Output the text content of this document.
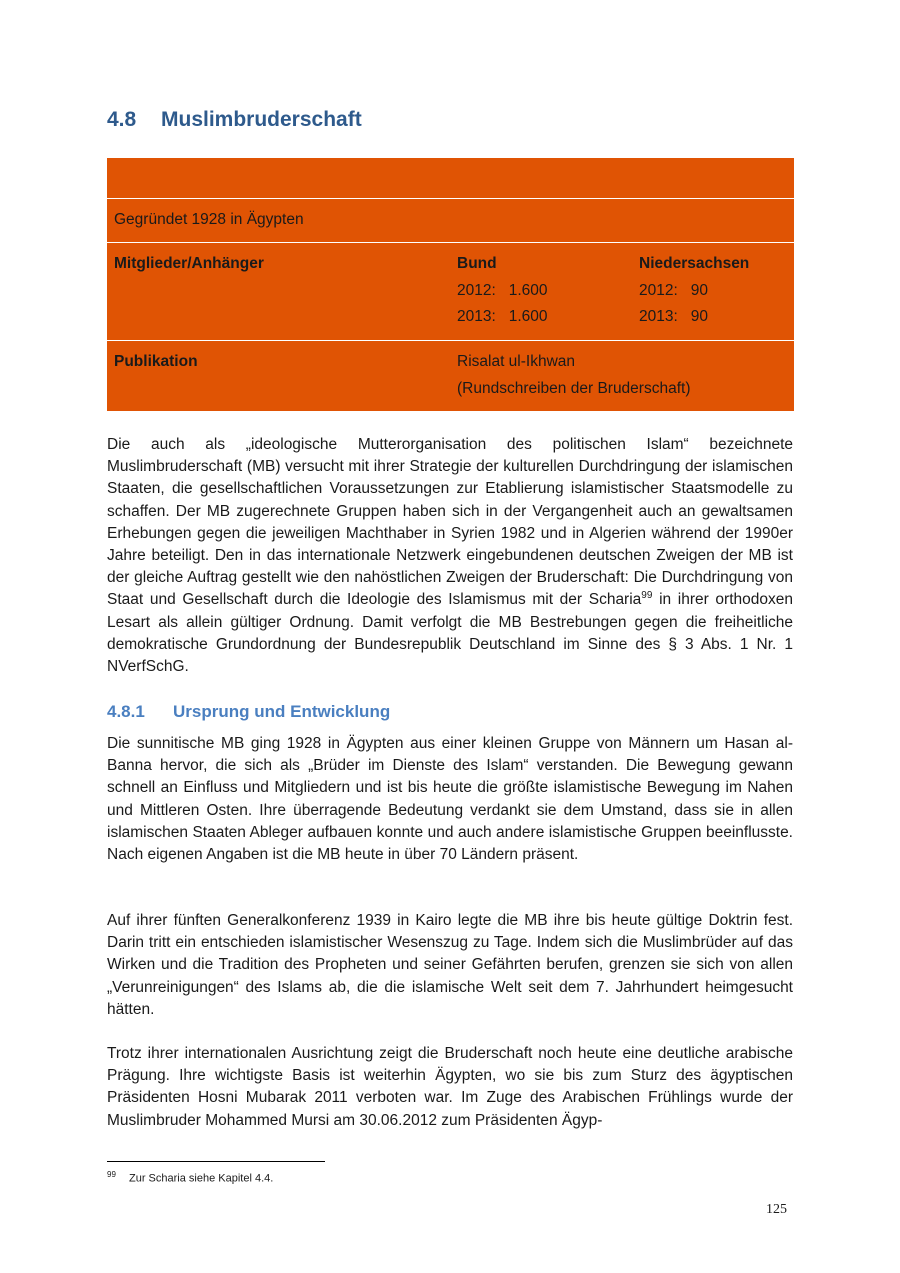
4.8 Muslimbruderschaft
Gegründet 1928 in Ägypten
Mitglieder/Anhänger	Bund
2012:   1.600
2013:   1.600
Niedersachsen
2012:   90
2013:   90
Publikation	Risalat ul-Ikhwan
(Rundschreiben der Bruderschaft)
Die auch als „ideologische Mutterorganisation des politischen Islam“ bezeichnete Muslimbruderschaft (MB) versucht mit ihrer Strategie der kulturellen Durchdringung der islamischen Staaten, die gesellschaftlichen Voraussetzungen zur Etablierung islamistischer Staatsmodelle zu schaffen. Der MB zugerechnete Gruppen haben sich in der Vergangenheit auch an gewaltsamen Erhebungen gegen die jeweiligen Machthaber in Syrien 1982 und in Algerien während der 1990er Jahre beteiligt. Den in das internationale Netzwerk eingebundenen deutschen Zweigen der MB ist der gleiche Auftrag gestellt wie den nahöstlichen Zweigen der Bruderschaft: Die Durchdringung von Staat und Gesellschaft durch die Ideologie des Islamismus mit der Scharia$^{99}$ in ihrer orthodoxen Lesart als allein gültiger Ordnung. Damit verfolgt die MB Bestrebungen gegen die freiheitliche demokratische Grundordnung der Bundesrepublik Deutschland im Sinne des § 3 Abs. 1 Nr. 1 NVerfSchG.
4.8.1 Ursprung und Entwicklung
Die sunnitische MB ging 1928 in Ägypten aus einer kleinen Gruppe von Männern um Hasan al-Banna hervor, die sich als „Brüder im Dienste des Islam“ verstanden. Die Bewegung gewann schnell an Einfluss und Mitgliedern und ist bis heute die größte islamistische Bewegung im Nahen und Mittleren Osten. Ihre überragende Bedeutung verdankt sie dem Umstand, dass sie in allen islamischen Staaten Ableger aufbauen konnte und auch andere islamistische Gruppen beeinflusste. Nach eigenen Angaben ist die MB heute in über 70 Ländern präsent.
Auf ihrer fünften Generalkonferenz 1939 in Kairo legte die MB ihre bis heute gültige Doktrin fest. Darin tritt ein entschieden islamistischer Wesenszug zu Tage. Indem sich die Muslimbrüder auf das Wirken und die Tradition des Propheten und seiner Gefährten berufen, grenzen sie sich von allen „Verunreinigungen“ des Islams ab, die die islamische Welt seit dem 7. Jahrhundert heimgesucht hätten.
Trotz ihrer internationalen Ausrichtung zeigt die Bruderschaft noch heute eine deutliche arabische Prägung. Ihre wichtigste Basis ist weiterhin Ägypten, wo sie bis zum Sturz des ägyptischen Präsidenten Hosni Mubarak 2011 verboten war. Im Zuge des Arabischen Frühlings wurde der Muslimbruder Mohammed Mursi am 30.06.2012 zum Präsidenten Ägyp-
99 Zur Scharia siehe Kapitel 4.4.
125
